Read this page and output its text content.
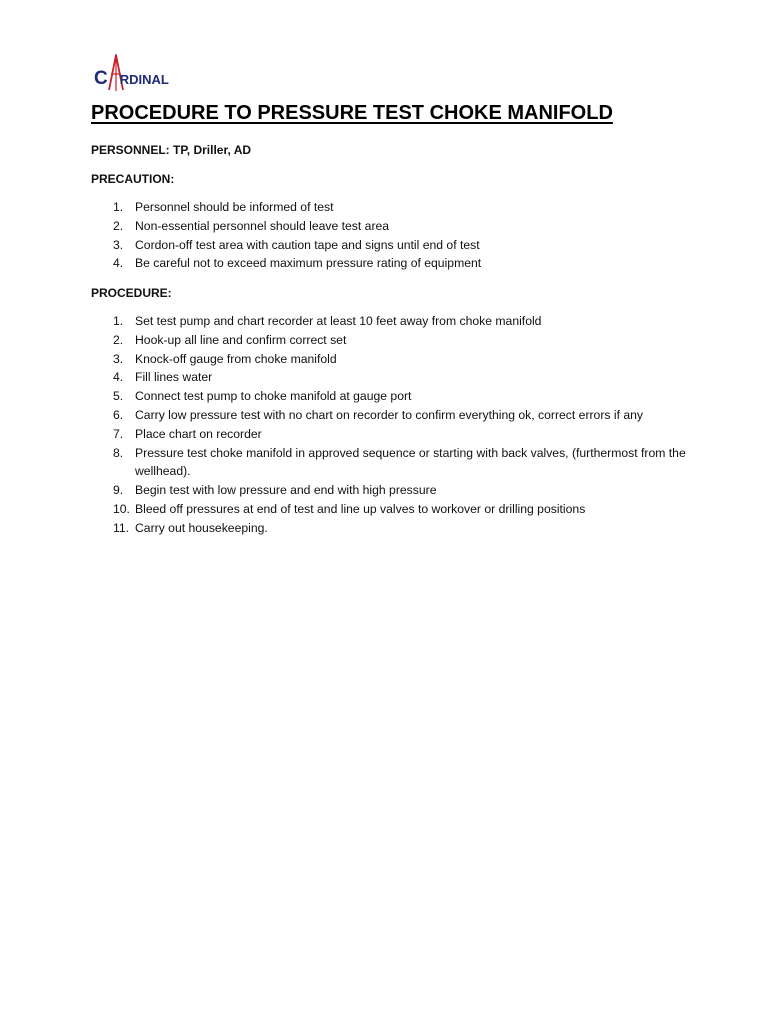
C RDINAL
PROCEDURE TO PRESSURE TEST CHOKE MANIFOLD

PERSONNEL: TP, Driller, AD

PRECAUTION:

1. Personnel should be informed of test
2. Non-essential personnel should leave test area
3. Cordon-off test area with caution tape and signs until end of test
4. Be careful not to exceed maximum pressure rating of equipment

PROCEDURE:

1. Set test pump and chart recorder at least 10 feet away from choke manifold
2. Hook-up all line and confirm correct set
3. Knock-off gauge from choke manifold
4. Fill lines water
5. Connect test pump to choke manifold at gauge port
6. Carry low pressure test with no chart on recorder to confirm everything ok, correct errors if any
7. Place chart on recorder
8. Pressure test choke manifold in approved sequence or starting with back valves, (furthermost from the wellhead).
9. Begin test with low pressure and end with high pressure
10. Bleed off pressures at end of test and line up valves to workover or drilling positions
11. Carry out housekeeping.
